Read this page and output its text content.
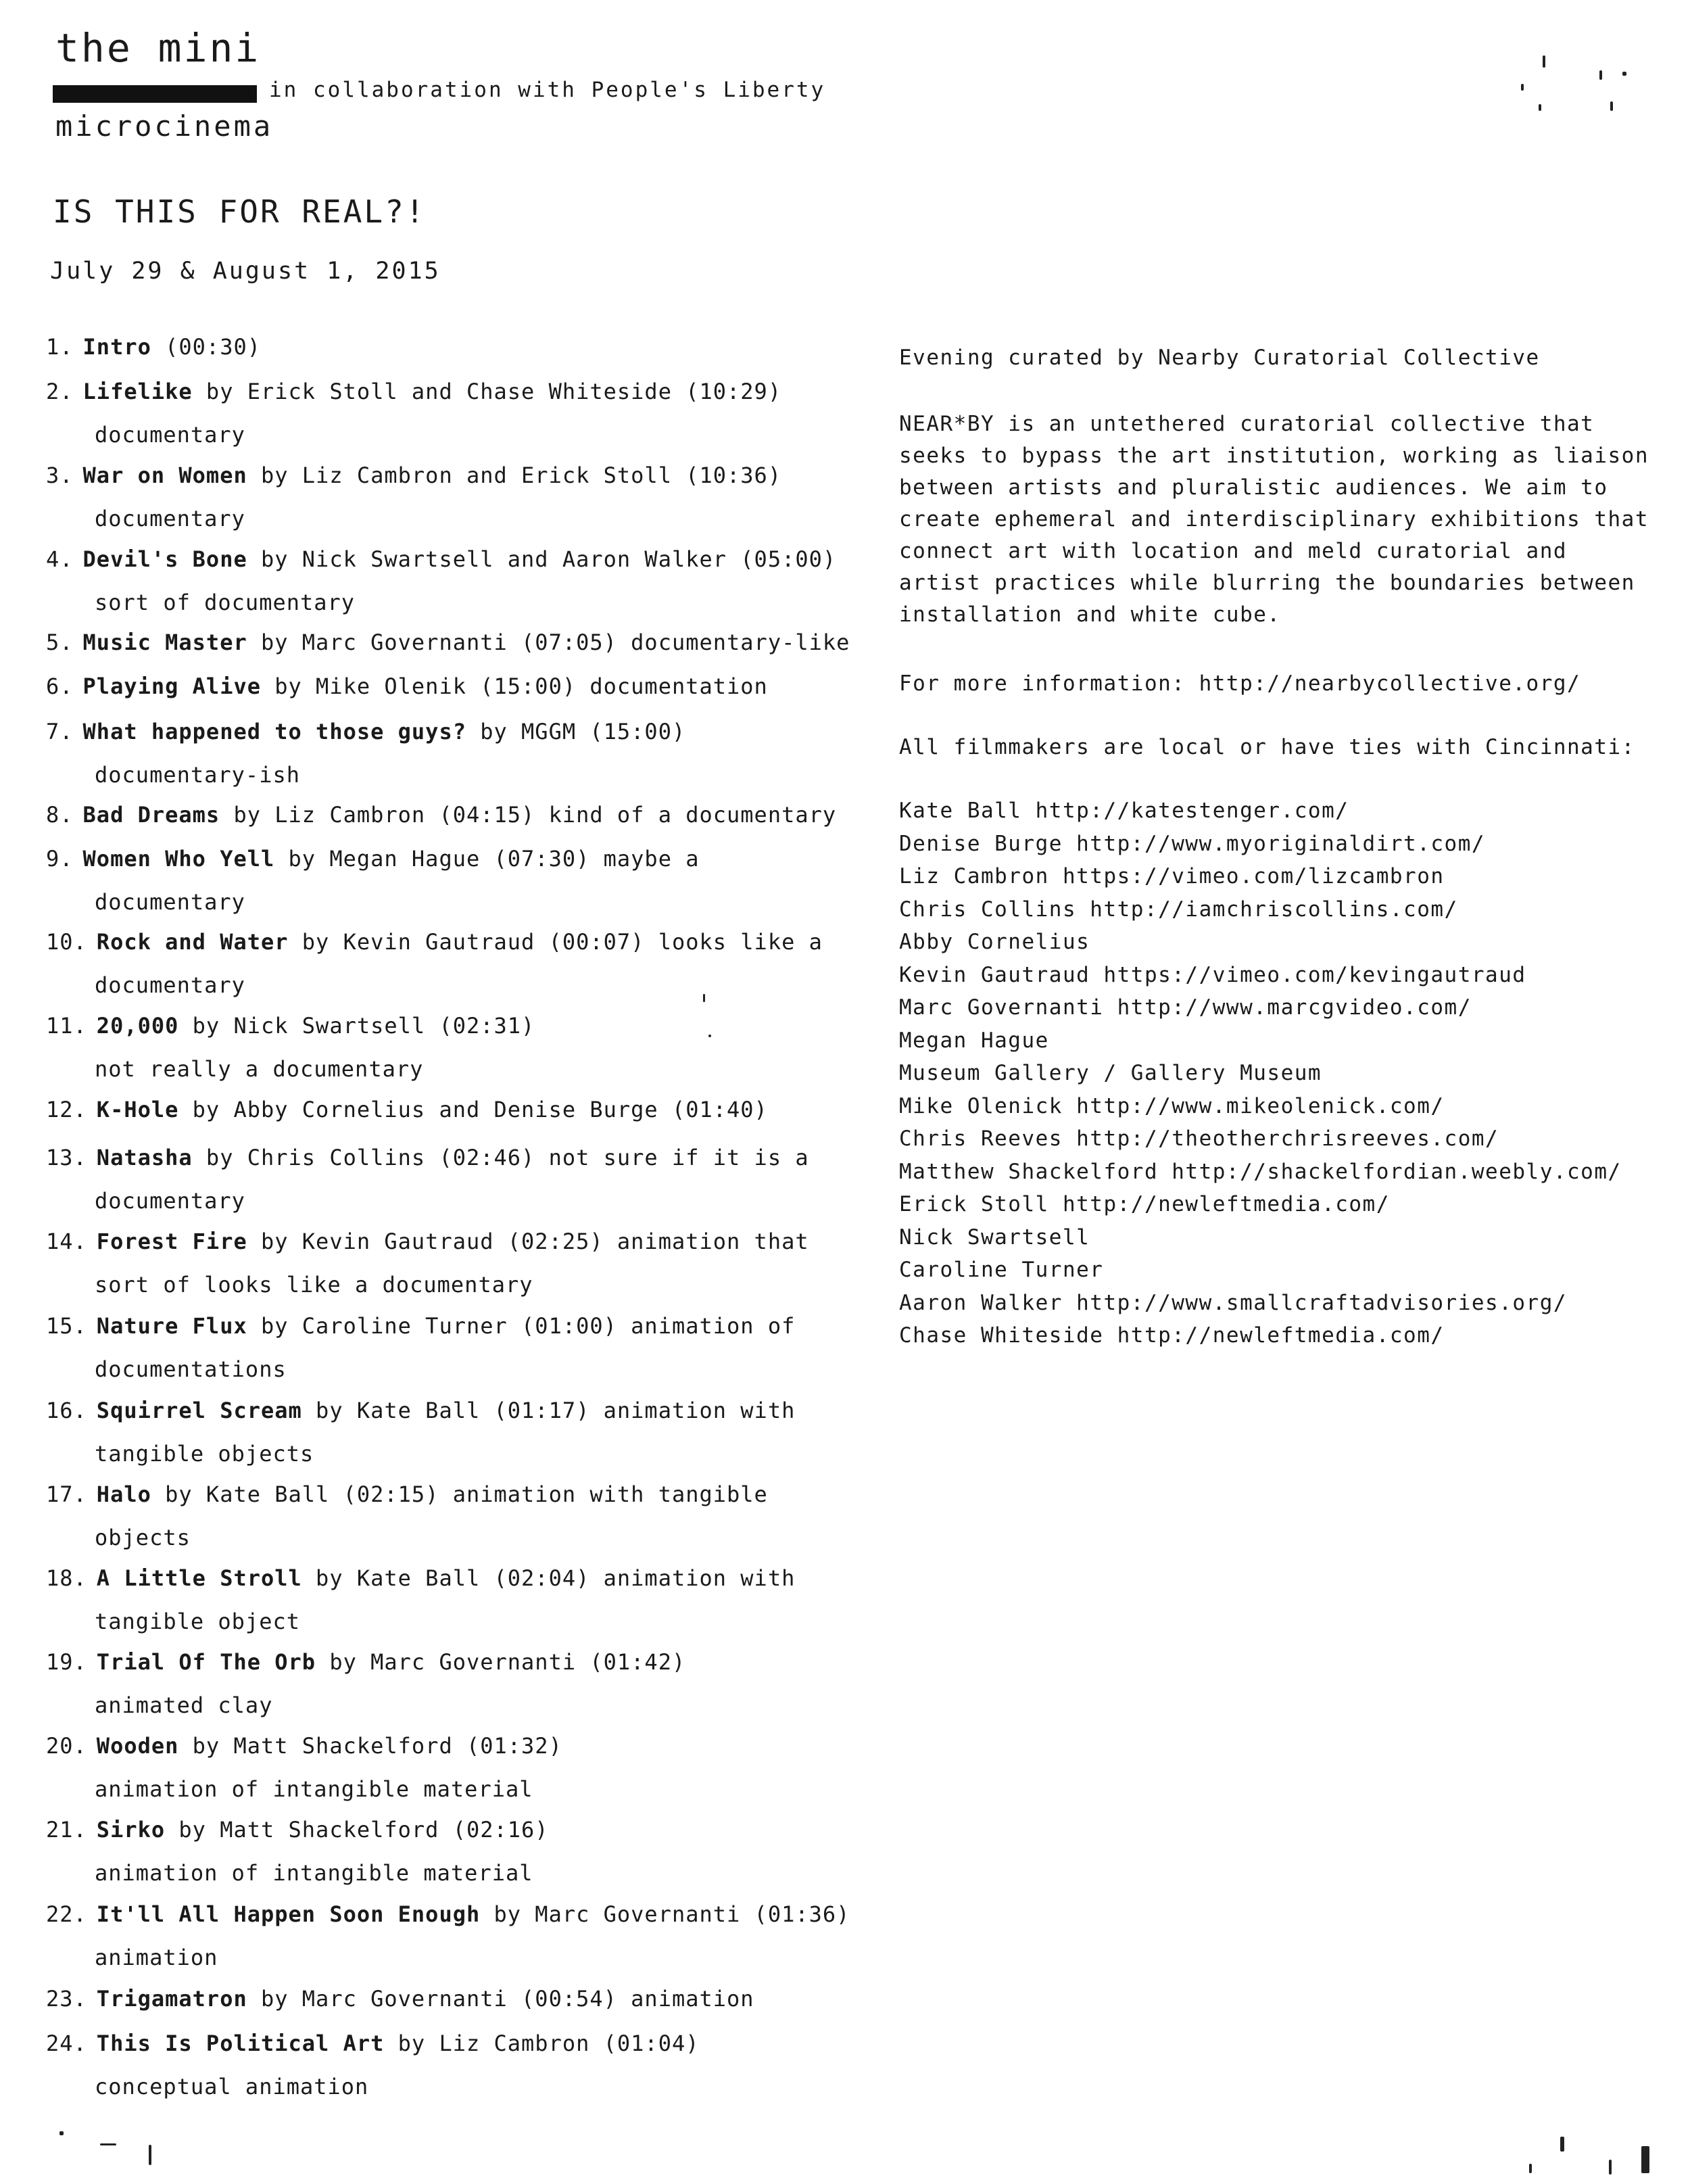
the mini
in collaboration with People's Liberty
microcinema
IS THIS FOR REAL?!
July 29 & August 1, 2015
1. Intro (00:30)
2. Lifelike by Erick Stoll and Chase Whiteside (10:29)
documentary
3. War on Women by Liz Cambron and Erick Stoll (10:36)
documentary
4. Devil's Bone by Nick Swartsell and Aaron Walker (05:00)
sort of documentary
5. Music Master by Marc Governanti (07:05) documentary-like
6. Playing Alive by Mike Olenik (15:00) documentation
7. What happened to those guys? by MGGM (15:00)
documentary-ish
8. Bad Dreams by Liz Cambron (04:15) kind of a documentary
9. Women Who Yell by Megan Hague (07:30) maybe a
documentary
10. Rock and Water by Kevin Gautraud (00:07) looks like a
documentary
11. 20,000 by Nick Swartsell (02:31)
not really a documentary
12. K-Hole by Abby Cornelius and Denise Burge (01:40)
13. Natasha by Chris Collins (02:46) not sure if it is a
documentary
14. Forest Fire by Kevin Gautraud (02:25) animation that
sort of looks like a documentary
15. Nature Flux by Caroline Turner (01:00) animation of
documentations
16. Squirrel Scream by Kate Ball (01:17) animation with
tangible objects
17. Halo by Kate Ball (02:15) animation with tangible
objects
18. A Little Stroll by Kate Ball (02:04) animation with
tangible object
19. Trial Of The Orb by Marc Governanti (01:42)
animated clay
20. Wooden by Matt Shackelford (01:32)
animation of intangible material
21. Sirko by Matt Shackelford (02:16)
animation of intangible material
22. It'll All Happen Soon Enough by Marc Governanti (01:36)
animation
23. Trigamatron by Marc Governanti (00:54) animation
24. This Is Political Art by Liz Cambron (01:04)
conceptual animation
Evening curated by Nearby Curatorial Collective
NEAR*BY is an untethered curatorial collective that seeks to bypass the art institution, working as liaison between artists and pluralistic audiences. We aim to create ephemeral and interdisciplinary exhibitions that connect art with location and meld curatorial and artist practices while blurring the boundaries between installation and white cube.
For more information: http://nearbycollective.org/
All filmmakers are local or have ties with Cincinnati:
Kate Ball http://katestenger.com/
Denise Burge http://www.myoriginaldirt.com/
Liz Cambron https://vimeo.com/lizcambron
Chris Collins http://iamchriscollins.com/
Abby Cornelius
Kevin Gautraud https://vimeo.com/kevingautraud
Marc Governanti http://www.marcgvideo.com/
Megan Hague
Museum Gallery / Gallery Museum
Mike Olenick http://www.mikeolenick.com/
Chris Reeves http://theotherchrisreeves.com/
Matthew Shackelford http://shackelfordian.weebly.com/
Erick Stoll http://newleftmedia.com/
Nick Swartsell
Caroline Turner
Aaron Walker http://www.smallcraftadvisories.org/
Chase Whiteside http://newleftmedia.com/
